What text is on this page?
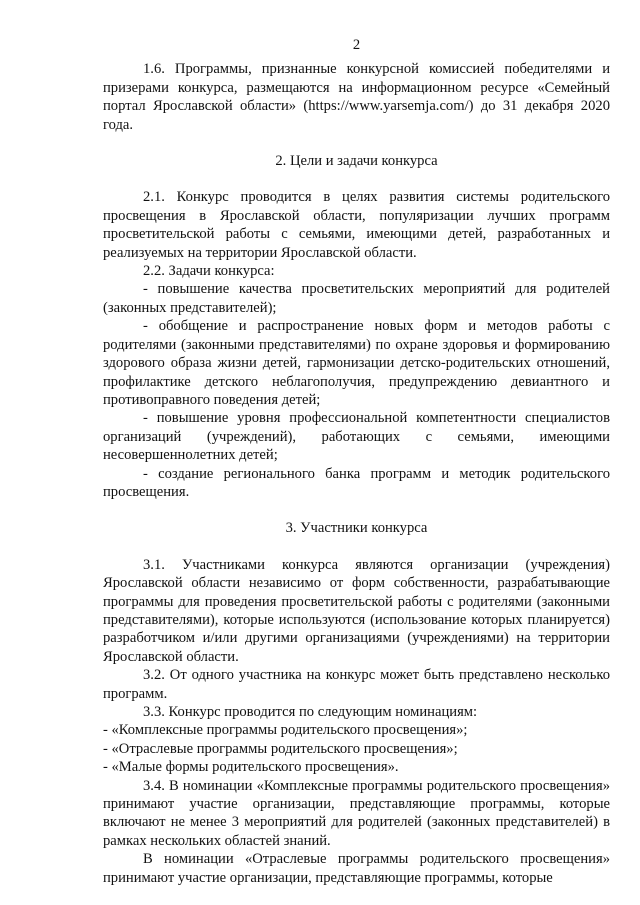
2

1.6. Программы, признанные конкурсной комиссией победителями и призерами конкурса, размещаются на информационном ресурсе «Семейный портал Ярославской области» (https://www.yarsemja.com/) до 31 декабря 2020 года.

2. Цели и задачи конкурса

2.1. Конкурс проводится в целях развития системы родительского просвещения в Ярославской области, популяризации лучших программ просветительской работы с семьями, имеющими детей, разработанных и реализуемых на территории Ярославской области.

2.2. Задачи конкурса:

- повышение качества просветительских мероприятий для родителей (законных представителей);

- обобщение и распространение новых форм и методов работы с родителями (законными представителями) по охране здоровья и формированию здорового образа жизни детей, гармонизации детско-родительских отношений, профилактике детского неблагополучия, предупреждению девиантного и противоправного поведения детей;

- повышение уровня профессиональной компетентности специалистов организаций (учреждений), работающих с семьями, имеющими несовершеннолетних детей;

- создание регионального банка программ и методик родительского просвещения.

3. Участники конкурса

3.1. Участниками конкурса являются организации (учреждения) Ярославской области независимо от форм собственности, разрабатывающие программы для проведения просветительской работы с родителями (законными представителями), которые используются (использование которых планируется) разработчиком и/или другими организациями (учреждениями) на территории Ярославской области.

3.2. От одного участника на конкурс может быть представлено несколько программ.

3.3. Конкурс проводится по следующим номинациям:

- «Комплексные программы родительского просвещения»;

- «Отраслевые программы родительского просвещения»;

- «Малые формы родительского просвещения».

3.4. В номинации «Комплексные программы родительского просвещения» принимают участие организации, представляющие программы, которые включают не менее 3 мероприятий для родителей (законных представителей) в рамках нескольких областей знаний.

В номинации «Отраслевые программы родительского просвещения» принимают участие организации, представляющие программы, которые
